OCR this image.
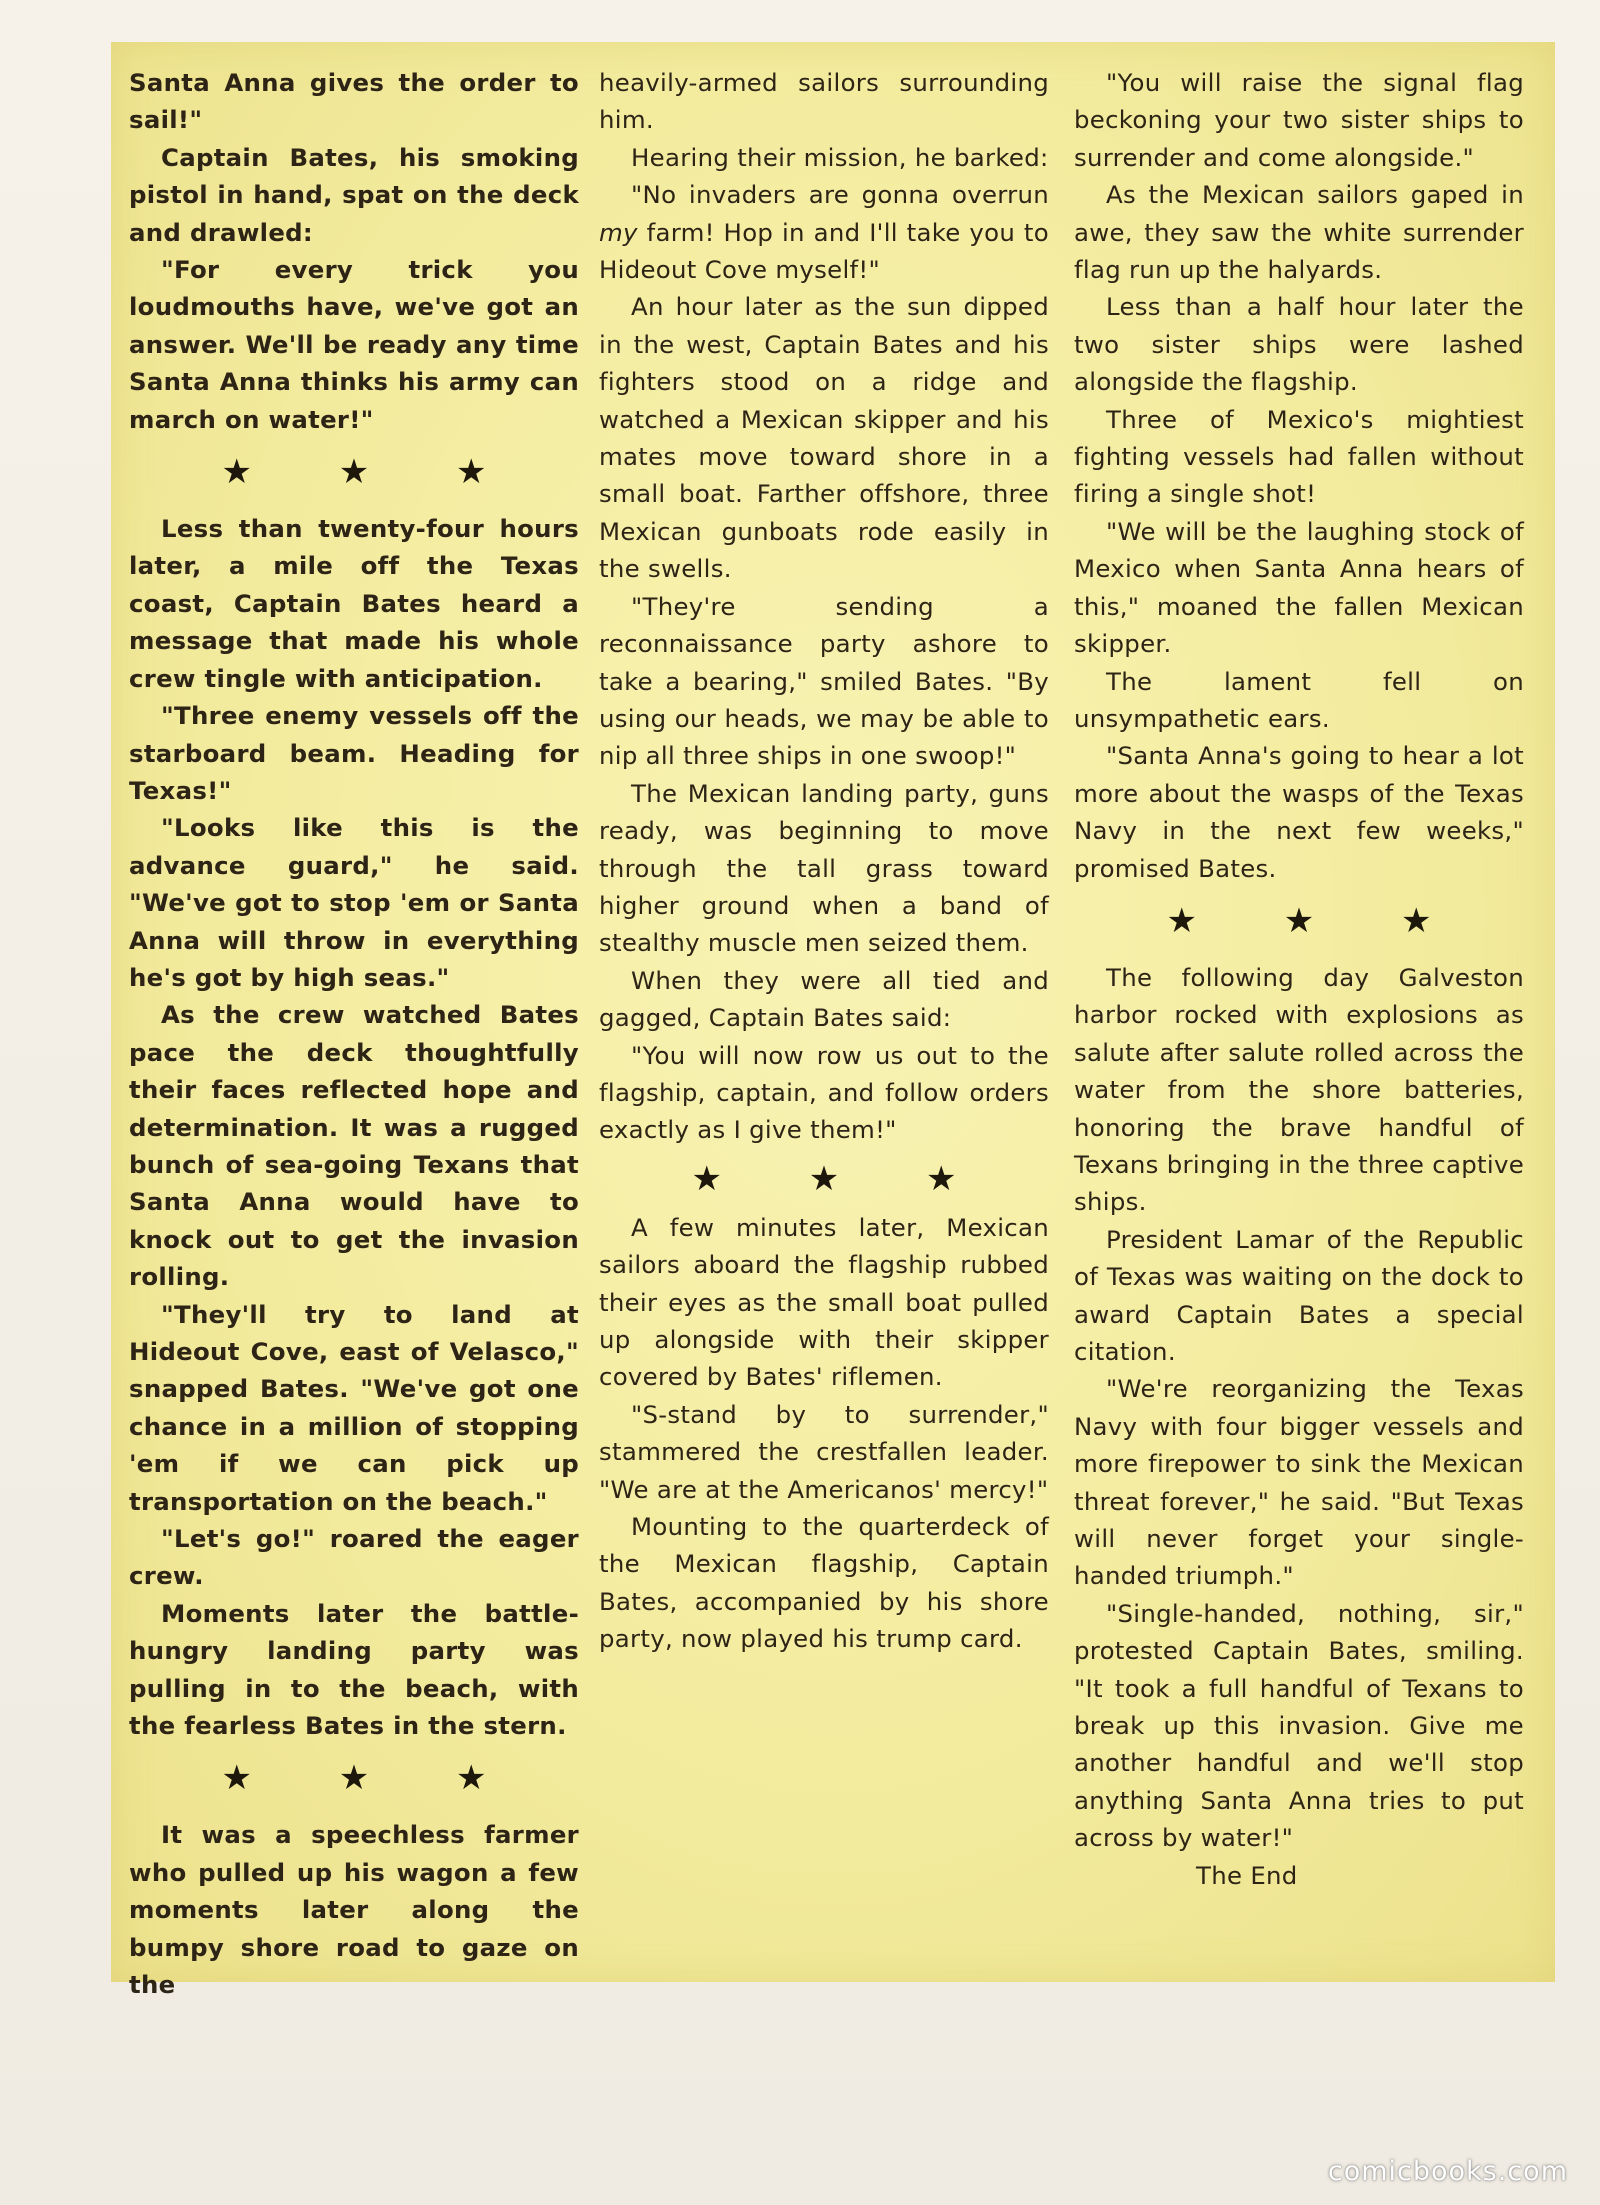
Santa Anna gives the order to sail!"

Captain Bates, his smoking pistol in hand, spat on the deck and drawled:

"For every trick you loudmouths have, we've got an answer. We'll be ready any time Santa Anna thinks his army can march on water!"

★ ★ ★

Less than twenty-four hours later, a mile off the Texas coast, Captain Bates heard a message that made his whole crew tingle with anticipation.

"Three enemy vessels off the starboard beam. Heading for Texas!"

"Looks like this is the advance guard," he said. "We've got to stop 'em or Santa Anna will throw in everything he's got by high seas."

As the crew watched Bates pace the deck thoughtfully their faces reflected hope and determination. It was a rugged bunch of sea-going Texans that Santa Anna would have to knock out to get the invasion rolling.

"They'll try to land at Hideout Cove, east of Velasco," snapped Bates. "We've got one chance in a million of stopping 'em if we can pick up transportation on the beach."

"Let's go!" roared the eager crew.

Moments later the battle-hungry landing party was pulling in to the beach, with the fearless Bates in the stern.

★ ★ ★

It was a speechless farmer who pulled up his wagon a few moments later along the bumpy shore road to gaze on the

heavily-armed sailors surrounding him.

Hearing their mission, he barked:

"No invaders are gonna overrun my farm! Hop in and I'll take you to Hideout Cove myself!"

An hour later as the sun dipped in the west, Captain Bates and his fighters stood on a ridge and watched a Mexican skipper and his mates move toward shore in a small boat. Farther offshore, three Mexican gunboats rode easily in the swells.

"They're sending a reconnaissance party ashore to take a bearing," smiled Bates. "By using our heads, we may be able to nip all three ships in one swoop!"

The Mexican landing party, guns ready, was beginning to move through the tall grass toward higher ground when a band of stealthy muscle men seized them.

When they were all tied and gagged, Captain Bates said:

"You will now row us out to the flagship, captain, and follow orders exactly as I give them!"

★ ★ ★

A few minutes later, Mexican sailors aboard the flagship rubbed their eyes as the small boat pulled up alongside with their skipper covered by Bates' riflemen.

"S-stand by to surrender," stammered the crestfallen leader. "We are at the Americanos' mercy!"

Mounting to the quarterdeck of the Mexican flagship, Captain Bates, accompanied by his shore party, now played his trump card.

"You will raise the signal flag beckoning your two sister ships to surrender and come alongside."

As the Mexican sailors gaped in awe, they saw the white surrender flag run up the halyards.

Less than a half hour later the two sister ships were lashed alongside the flagship.

Three of Mexico's mightiest fighting vessels had fallen without firing a single shot!

"We will be the laughing stock of Mexico when Santa Anna hears of this," moaned the fallen Mexican skipper.

The lament fell on unsympathetic ears.

"Santa Anna's going to hear a lot more about the wasps of the Texas Navy in the next few weeks," promised Bates.

★ ★ ★

The following day Galveston harbor rocked with explosions as salute after salute rolled across the water from the shore batteries, honoring the brave handful of Texans bringing in the three captive ships.

President Lamar of the Republic of Texas was waiting on the dock to award Captain Bates a special citation.

"We're reorganizing the Texas Navy with four bigger vessels and more firepower to sink the Mexican threat forever," he said. "But Texas will never forget your single-handed triumph."

"Single-handed, nothing, sir," protested Captain Bates, smiling. "It took a full handful of Texans to break up this invasion. Give me another handful and we'll stop anything Santa Anna tries to put across by water!"

The End

comicbooks.com
